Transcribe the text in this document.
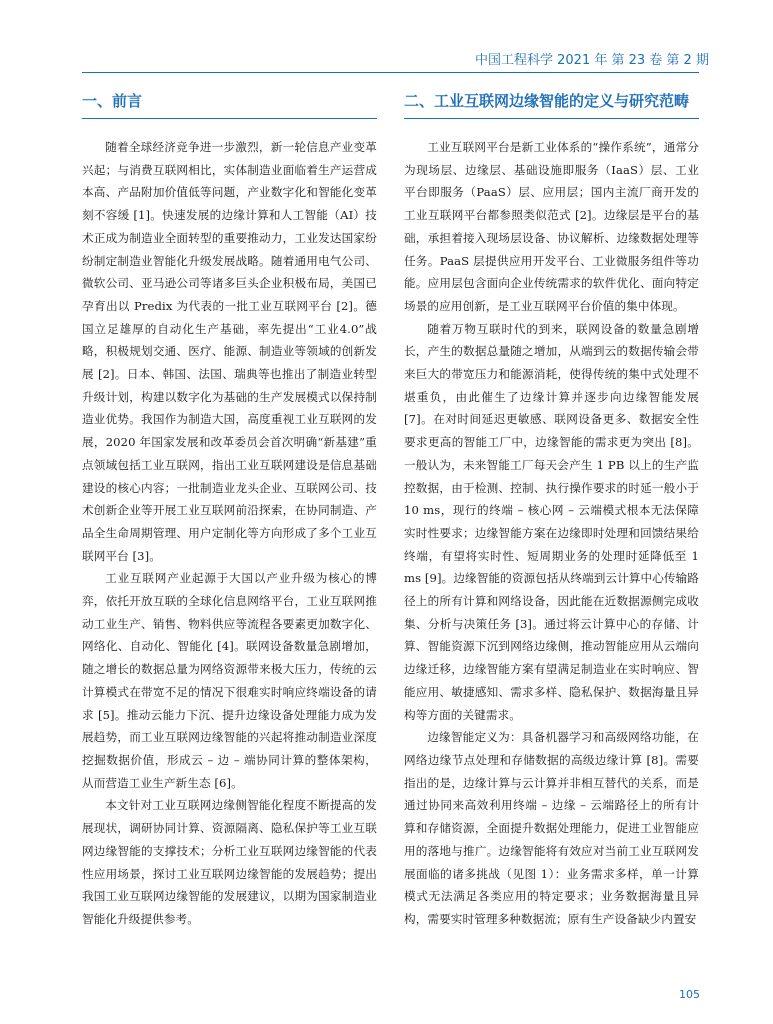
中国工程科学 2021 年 第 23 卷 第 2 期
一、前言

随着全球经济竞争进一步激烈，新一轮信息产业变革兴起；与消费互联网相比，实体制造业面临着生产运营成本高、产品附加价值低等问题，产业数字化和智能化变革刻不容缓 [1]。快速发展的边缘计算和人工智能（AI）技术正成为制造业全面转型的重要推动力，工业发达国家纷纷制定制造业智能化升级发展战略。随着通用电气公司、微软公司、亚马逊公司等诸多巨头企业积极布局，美国已孕育出以 Predix 为代表的一批工业互联网平台 [2]。德国立足雄厚的自动化生产基础，率先提出“工业4.0”战略，积极规划交通、医疗、能源、制造业等领域的创新发展 [2]。日本、韩国、法国、瑞典等也推出了制造业转型升级计划，构建以数字化为基础的生产发展模式以保持制造业优势。我国作为制造大国，高度重视工业互联网的发展，2020 年国家发展和改革委员会首次明确“新基建”重点领域包括工业互联网，指出工业互联网建设是信息基础建设的核心内容；一批制造业龙头企业、互联网公司、技术创新企业等开展工业互联网前沿探索，在协同制造、产品全生命周期管理、用户定制化等方向形成了多个工业互联网平台 [3]。

工业互联网产业起源于大国以产业升级为核心的博弈，依托开放互联的全球化信息网络平台，工业互联网推动工业生产、销售、物料供应等流程各要素更加数字化、网络化、自动化、智能化 [4]。联网设备数量急剧增加，随之增长的数据总量为网络资源带来极大压力，传统的云计算模式在带宽不足的情况下很难实时响应终端设备的请求 [5]。推动云能力下沉、提升边缘设备处理能力成为发展趋势，而工业互联网边缘智能的兴起将推动制造业深度挖掘数据价值，形成云 – 边 – 端协同计算的整体架构，从而营造工业生产新生态 [6]。

本文针对工业互联网边缘侧智能化程度不断提高的发展现状，调研协同计算、资源隔离、隐私保护等工业互联网边缘智能的支撑技术；分析工业互联网边缘智能的代表性应用场景，探讨工业互联网边缘智能的发展趋势；提出我国工业互联网边缘智能的发展建议，以期为国家制造业智能化升级提供参考。

二、工业互联网边缘智能的定义与研究范畴

工业互联网平台是新工业体系的“操作系统”，通常分为现场层、边缘层、基础设施即服务（IaaS）层、工业平台即服务（PaaS）层、应用层；国内主流厂商开发的工业互联网平台都参照类似范式 [2]。边缘层是平台的基础，承担着接入现场层设备、协议解析、边缘数据处理等任务。PaaS 层提供应用开发平台、工业微服务组件等功能。应用层包含面向企业传统需求的软件优化、面向特定场景的应用创新，是工业互联网平台价值的集中体现。

随着万物互联时代的到来，联网设备的数量急剧增长，产生的数据总量随之增加，从端到云的数据传输会带来巨大的带宽压力和能源消耗，使得传统的集中式处理不堪重负，由此催生了边缘计算并逐步向边缘智能发展 [7]。在对时间延迟更敏感、联网设备更多、数据安全性要求更高的智能工厂中，边缘智能的需求更为突出 [8]。一般认为，未来智能工厂每天会产生 1 PB 以上的生产监控数据，由于检测、控制、执行操作要求的时延一般小于 10 ms，现行的终端 – 核心网 – 云端模式根本无法保障实时性要求；边缘智能方案在边缘即时处理和回馈结果给终端，有望将实时性、短周期业务的处理时延降低至 1 ms [9]。边缘智能的资源包括从终端到云计算中心传输路径上的所有计算和网络设备，因此能在近数据源侧完成收集、分析与决策任务 [3]。通过将云计算中心的存储、计算、智能资源下沉到网络边缘侧，推动智能应用从云端向边缘迁移，边缘智能方案有望满足制造业在实时响应、智能应用、敏捷感知、需求多样、隐私保护、数据海量且异构等方面的关键需求。

边缘智能定义为：具备机器学习和高级网络功能，在网络边缘节点处理和存储数据的高级边缘计算 [8]。需要指出的是，边缘计算与云计算并非相互替代的关系，而是通过协同来高效利用终端 – 边缘 – 云端路径上的所有计算和存储资源，全面提升数据处理能力，促进工业智能应用的落地与推广。边缘智能将有效应对当前工业互联网发展面临的诸多挑战（见图 1）：业务需求多样，单一计算模式无法满足各类应用的特定要求；业务数据海量且异构，需要实时管理多种数据流；原有生产设备缺少内置安

105
